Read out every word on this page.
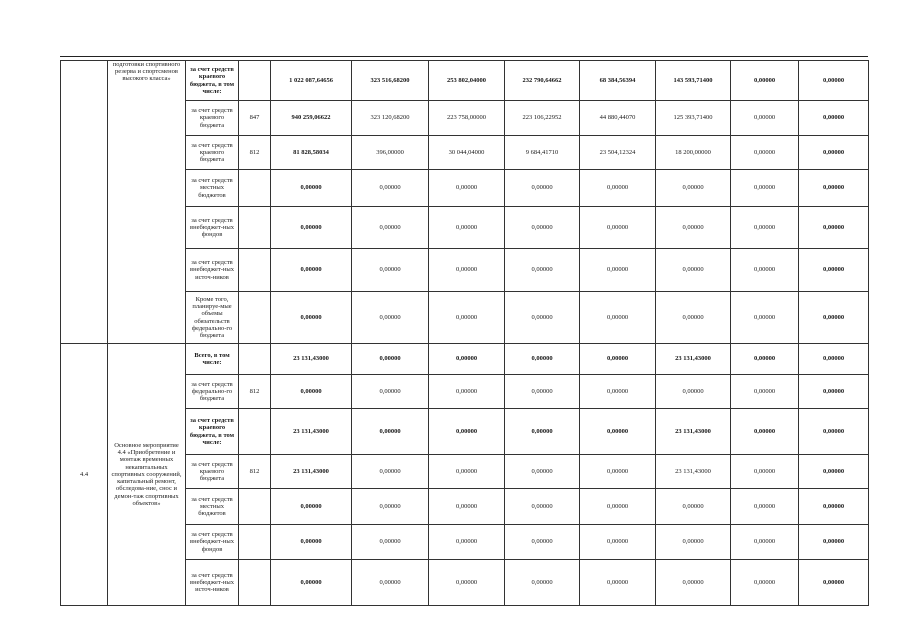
	подготовки спортивного резерва и спортсменов высокого класса»	за счет средств краевого бюджета, в том числе:		1 022 087,64656	323 516,68200	253 802,04000	232 790,64662	68 384,56394	143 593,71400	0,00000	0,00000
		за счет средств краевого бюджета	847	940 259,06622	323 120,68200	223 758,00000	223 106,22952	44 880,44070	125 393,71400	0,00000	0,00000
		за счет средств краевого бюджета	812	81 828,58034	396,00000	30 044,04000	9 684,41710	23 504,12324	18 200,00000	0,00000	0,00000
		за счет средств местных бюджетов		0,00000	0,00000	0,00000	0,00000	0,00000	0,00000	0,00000	0,00000
		за счет средств внебюджет-ных фондов		0,00000	0,00000	0,00000	0,00000	0,00000	0,00000	0,00000	0,00000
		за счет средств внебюджет-ных источ-ников		0,00000	0,00000	0,00000	0,00000	0,00000	0,00000	0,00000	0,00000
		Кроме того, планируе-мые объемы обязательств федерально-го бюджета		0,00000	0,00000	0,00000	0,00000	0,00000	0,00000	0,00000	0,00000
4.4	Основное мероприятие 4.4 «Приобретение и монтаж временных некапитальных спортивных сооружений, капитальный ремонт, обследова-ние, снос и демон-таж спортивных объектов»	Всего, в том числе:		23 131,43000	0,00000	0,00000	0,00000	0,00000	23 131,43000	0,00000	0,00000
		за счет средств федерально-го бюджета	812	0,00000	0,00000	0,00000	0,00000	0,00000	0,00000	0,00000	0,00000
		за счет средств краевого бюджета, в том числе:		23 131,43000	0,00000	0,00000	0,00000	0,00000	23 131,43000	0,00000	0,00000
		за счет средств краевого бюджета	812	23 131,43000	0,00000	0,00000	0,00000	0,00000	23 131,43000	0,00000	0,00000
		за счет средств местных бюджетов		0,00000	0,00000	0,00000	0,00000	0,00000	0,00000	0,00000	0,00000
		за счет средств внебюджет-ных фондов		0,00000	0,00000	0,00000	0,00000	0,00000	0,00000	0,00000	0,00000
		за счет средств внебюджет-ных источ-ников		0,00000	0,00000	0,00000	0,00000	0,00000	0,00000	0,00000	0,00000
